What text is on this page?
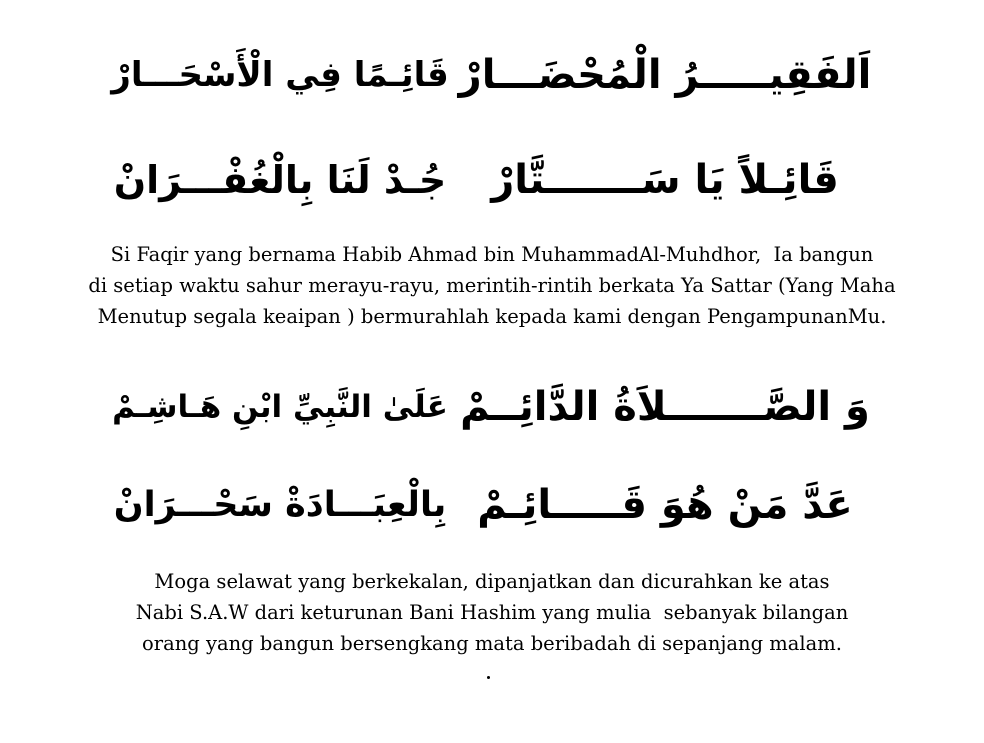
اَلفَقِيـــــرُ الْمُحْضَـــارْ
قَائِـمًا فِي الْأَسْحَـــارْ
قَائِـلاً يَا سَـــــــتَّارْ
جُـدْ لَنَا بِالْغُفْـــرَانْ
Si Faqir yang bernama Habib Ahmad bin MuhammadAl-Muhdhor,  Ia bangun
di setiap waktu sahur merayu-rayu, merintih-rintih berkata Ya Sattar (Yang Maha
Menutup segala keaipan ) bermurahlah kepada kami dengan PengampunanMu.
وَ الصَّـــــــلاَةُ الدَّائِــمْ
عَلَىٰ النَّبِيِّ ابْنِ هَـاشِـمْ
عَدَّ مَنْ هُوَ قَـــــائِـمْ
بِالْعِبَـــادَةْ سَحْـــرَانْ
Moga selawat yang berkekalan, dipanjatkan dan dicurahkan ke atas
Nabi S.A.W dari keturunan Bani Hashim yang mulia  sebanyak bilangan
orang yang bangun bersengkang mata beribadah di sepanjang malam.
